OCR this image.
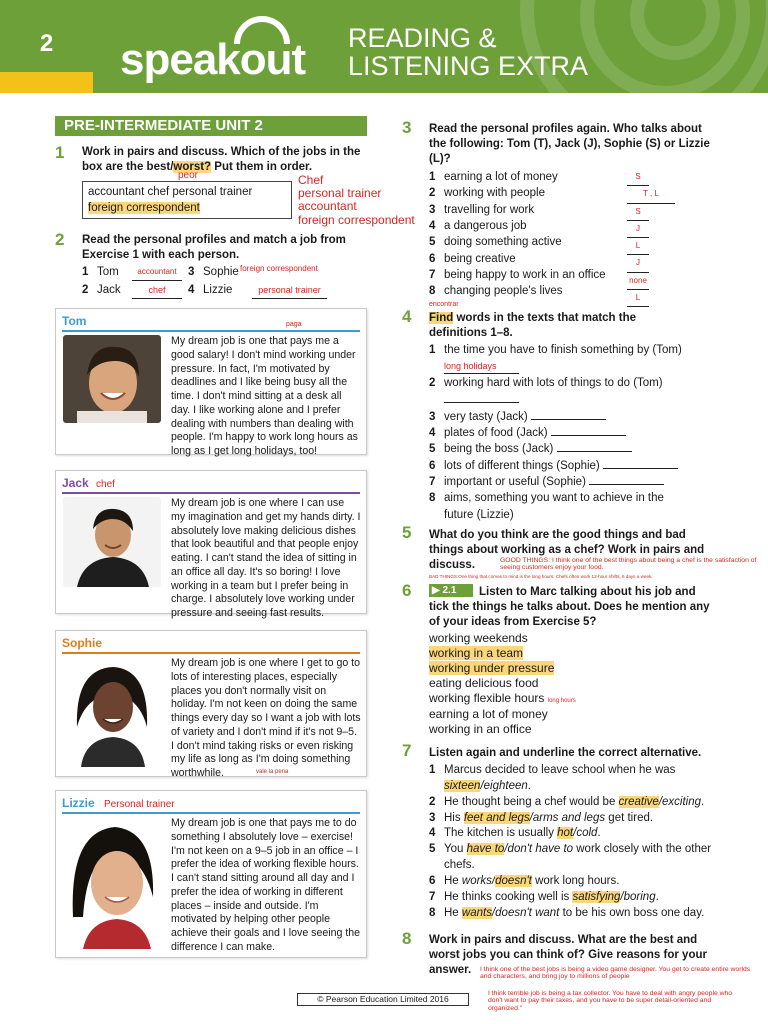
2	speakout READING &
LISTENING EXTRA
PRE-INTERMEDIATE UNIT 2
1 Work in pairs and discuss. Which of the jobs in the box are the best/worst? Put them in order.
peor
accountant chef personal trainer
foreign correspondent
Chef
personal trainer
accountant
foreign correspondent
2 Read the personal profiles and match a job from Exercise 1 with each person.
1 Tom	accountant 3 Sophie foreign correspondent
2 Jack	chef	4 Lizzie	personal trainer
Tom
My dream job is one that pays me a good salary! I don't mind working under pressure. In fact, I'm motivated by deadlines and I like being busy all the time. I don't mind sitting at a desk all day. I like working alone and I prefer dealing with numbers than dealing with people. I'm happy to work long hours as long as I get long holidays, too!
paga
Jack chef
My dream job is one where I can use my imagination and get my hands dirty. I absolutely love making delicious dishes that look beautiful and that people enjoy eating. I can't stand the idea of sitting in an office all day. It's so boring! I love working in a team but I prefer being in charge. I absolutely love working under pressure and seeing fast results.
Sophie
My dream job is one where I get to go to lots of interesting places, especially places you don't normally visit on holiday. I'm not keen on doing the same things every day so I want a job with lots of variety and I don't mind if it's not 9–5. I don't mind taking risks or even risking my life as long as I'm doing something worthwhile.	vale la pena
Lizzie Personal trainer
My dream job is one that pays me to do something I absolutely love – exercise! I'm not keen on a 9–5 job in an office – I prefer the idea of working flexible hours. I can't stand sitting around all day and I prefer the idea of working in different places – inside and outside. I'm motivated by helping other people achieve their goals and I love seeing the difference I can make.
3 Read the personal profiles again. Who talks about the following: Tom (T), Jack (J), Sophie (S) or Lizzie (L)?
1 earning a lot of money
2 working with people
3 travelling for work
4 a dangerous job
5 doing something active
6 being creative
7 being happy to work in an office
8 changing people's lives
S
T , L
S
J
L
J
none
L
encontrar
4 Find words in the texts that match the definitions 1–8.
1 the time you have to finish something by (Tom)
long holidays
2 working hard with lots of things to do (Tom)
3 very tasty (Jack)
4 plates of food (Jack)
5 being the boss (Jack)
6 lots of different things (Sophie)
7 important or useful (Sophie)
8 aims, something you want to achieve in the future (Lizzie)
5 What do you think are the good things and bad things about working as a chef? Work in pairs and discuss.	GOOD THINGS: I think one of the best things about being a chef is the satisfaction of seeing customers enjoy your food.
BAD THINGS:One thing that comes to mind is the long hours. Chefs often work 12-hour shifts, 6 days a week.
6	▶ 2.1	Listen to Marc talking about his job and tick the things he talks about. Does he mention any of your ideas from Exercise 5?
working weekends
working in a team
working under pressure
eating delicious food
working flexible hours long hours
earning a lot of money
working in an office
7 Listen again and underline the correct alternative.
1 Marcus decided to leave school when he was sixteen/eighteen.
2 He thought being a chef would be creative/exciting.
3 His feet and legs/arms and legs get tired.
4 The kitchen is usually hot/cold.
5 You have to/don't have to work closely with the other chefs.
6 He works/doesn't work long hours.
7 He thinks cooking well is satisfying/boring.
8 He wants/doesn't want to be his own boss one day.
8 Work in pairs and discuss. What are the best and worst jobs you can think of? Give reasons for your answer.	I think one of the best jobs is being a video game designer. You get to create entire worlds and characters, and bring joy to millions of people
I think terrible job is being a tax collector. You have to deal with angry people who don't want to pay their taxes, and you have to be super detail-oriented and organized."
© Pearson Education Limited 2016
